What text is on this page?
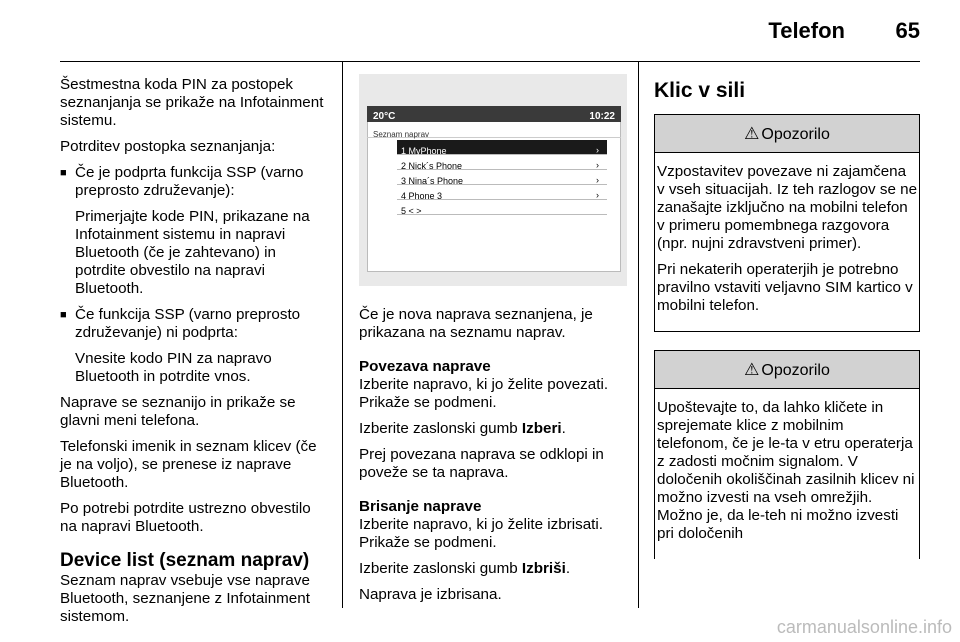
Telefon 65

Šestmestna koda PIN za postopek seznanjanja se prikaže na Infotainment sistemu.

Potrditev postopka seznanjanja:

■ Če je podprta funkcija SSP (varno preprosto združevanje):
Primerjajte kode PIN, prikazane na Infotainment sistemu in napravi Bluetooth (če je zahtevano) in potrdite obvestilo na napravi Bluetooth.
■ Če funkcija SSP (varno preprosto združevanje) ni podprta:
Vnesite kodo PIN za napravo Bluetooth in potrdite vnos.

Naprave se seznanijo in prikaže se glavni meni telefona.

Telefonski imenik in seznam klicev (če je na voljo), se prenese iz naprave Bluetooth.

Po potrebi potrdite ustrezno obvestilo na napravi Bluetooth.

Device list (seznam naprav)

Seznam naprav vsebuje vse naprave Bluetooth, seznanjene z Infotainment sistemom.

20°C	10:22
Seznam naprav
1 MyPhone	›
2 Nick´s Phone	›
3 Nina´s Phone	›
4 Phone 3	›
5 < >

Če je nova naprava seznanjena, je prikazana na seznamu naprav.

Povezava naprave

Izberite napravo, ki jo želite povezati. Prikaže se podmeni.

Izberite zaslonski gumb Izberi.

Prej povezana naprava se odklopi in poveže se ta naprava.

Brisanje naprave

Izberite napravo, ki jo želite izbrisati. Prikaže se podmeni.

Izberite zaslonski gumb Izbriši.

Naprava je izbrisana.

Klic v sili
⚠ Opozorilo

Vzpostavitev povezave ni zajamčena v vseh situacijah. Iz teh razlogov se ne zanašajte izključno na mobilni telefon v primeru pomembnega razgovora (npr. nujni zdravstveni primer).

Pri nekaterih operaterjih je potrebno pravilno vstaviti veljavno SIM kartico v mobilni telefon.

⚠ Opozorilo

Upoštevajte to, da lahko kličete in sprejemate klice z mobilnim telefonom, če je le-ta v etru operaterja z zadosti močnim signalom. V določenih okoliščinah zasilnih klicev ni možno izvesti na vseh omrežjih. Možno je, da le-teh ni možno izvesti pri določenih

carmanualsonline.info
